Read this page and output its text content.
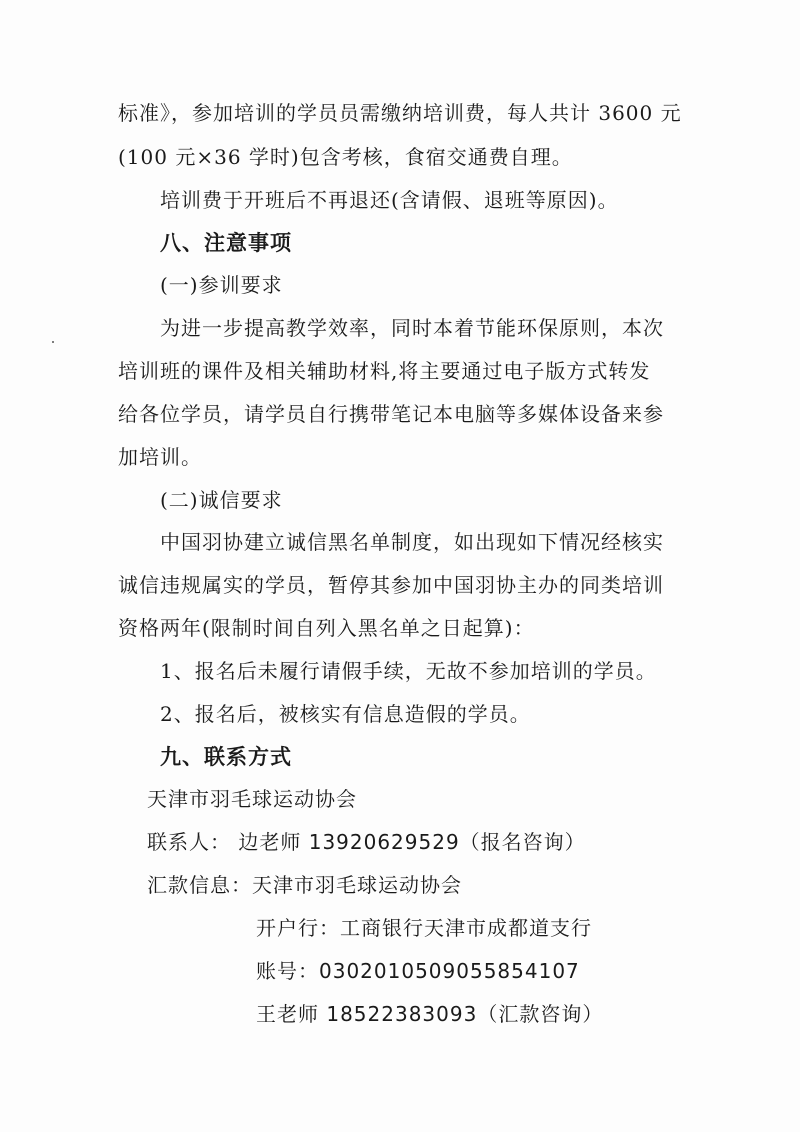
标准》，参加培训的学员员需缴纳培训费，每人共计 3600 元
(100 元×36 学时)包含考核，食宿交通费自理。
培训费于开班后不再退还(含请假、退班等原因)。
八、注意事项
(一)参训要求
为进一步提高教学效率，同时本着节能环保原则，本次
培训班的课件及相关辅助材料,将主要通过电子版方式转发
给各位学员，请学员自行携带笔记本电脑等多媒体设备来参
加培训。
(二)诚信要求
中国羽协建立诚信黑名单制度，如出现如下情况经核实
诚信违规属实的学员，暂停其参加中国羽协主办的同类培训
资格两年(限制时间自列入黑名单之日起算)：
1、报名后未履行请假手续，无故不参加培训的学员。
2、报名后，被核实有信息造假的学员。
九、联系方式
天津市羽毛球运动协会
联系人： 边老师 13920629529（报名咨询）
汇款信息：天津市羽毛球运动协会
开户行：工商银行天津市成都道支行
账号：0302010509055854107
王老师 18522383093（汇款咨询）
